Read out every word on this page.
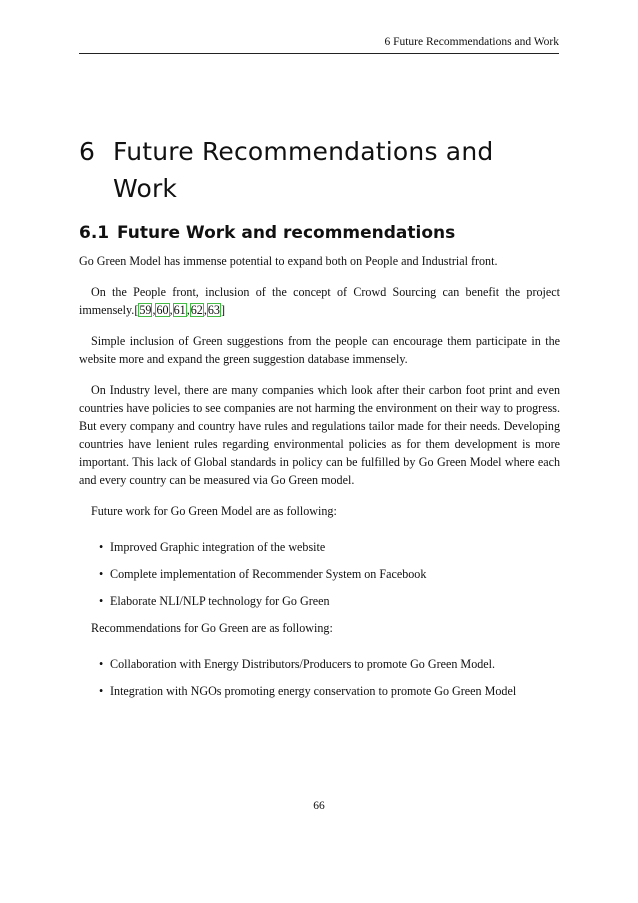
6 Future Recommendations and Work
6 Future Recommendations and
Work
6.1 Future Work and recommendations

Go Green Model has immense potential to expand both on People and Industrial front.

On the People front, inclusion of the concept of Crowd Sourcing can benefit the project immensely.[59,60,61,62,63]

Simple inclusion of Green suggestions from the people can encourage them participate in the website more and expand the green suggestion database immensely.

On Industry level, there are many companies which look after their carbon foot print and even countries have policies to see companies are not harming the environment on their way to progress. But every company and country have rules and regulations tailor made for their needs. Developing countries have lenient rules regarding environmental policies as for them development is more important. This lack of Global standards in policy can be fulfilled by Go Green Model where each and every country can be measured via Go Green model.

Future work for Go Green Model are as following:

• Improved Graphic integration of the website
• Complete implementation of Recommender System on Facebook
• Elaborate NLI/NLP technology for Go Green

Recommendations for Go Green are as following:

• Collaboration with Energy Distributors/Producers to promote Go Green Model.
• Integration with NGOs promoting energy conservation to promote Go Green Model
66
